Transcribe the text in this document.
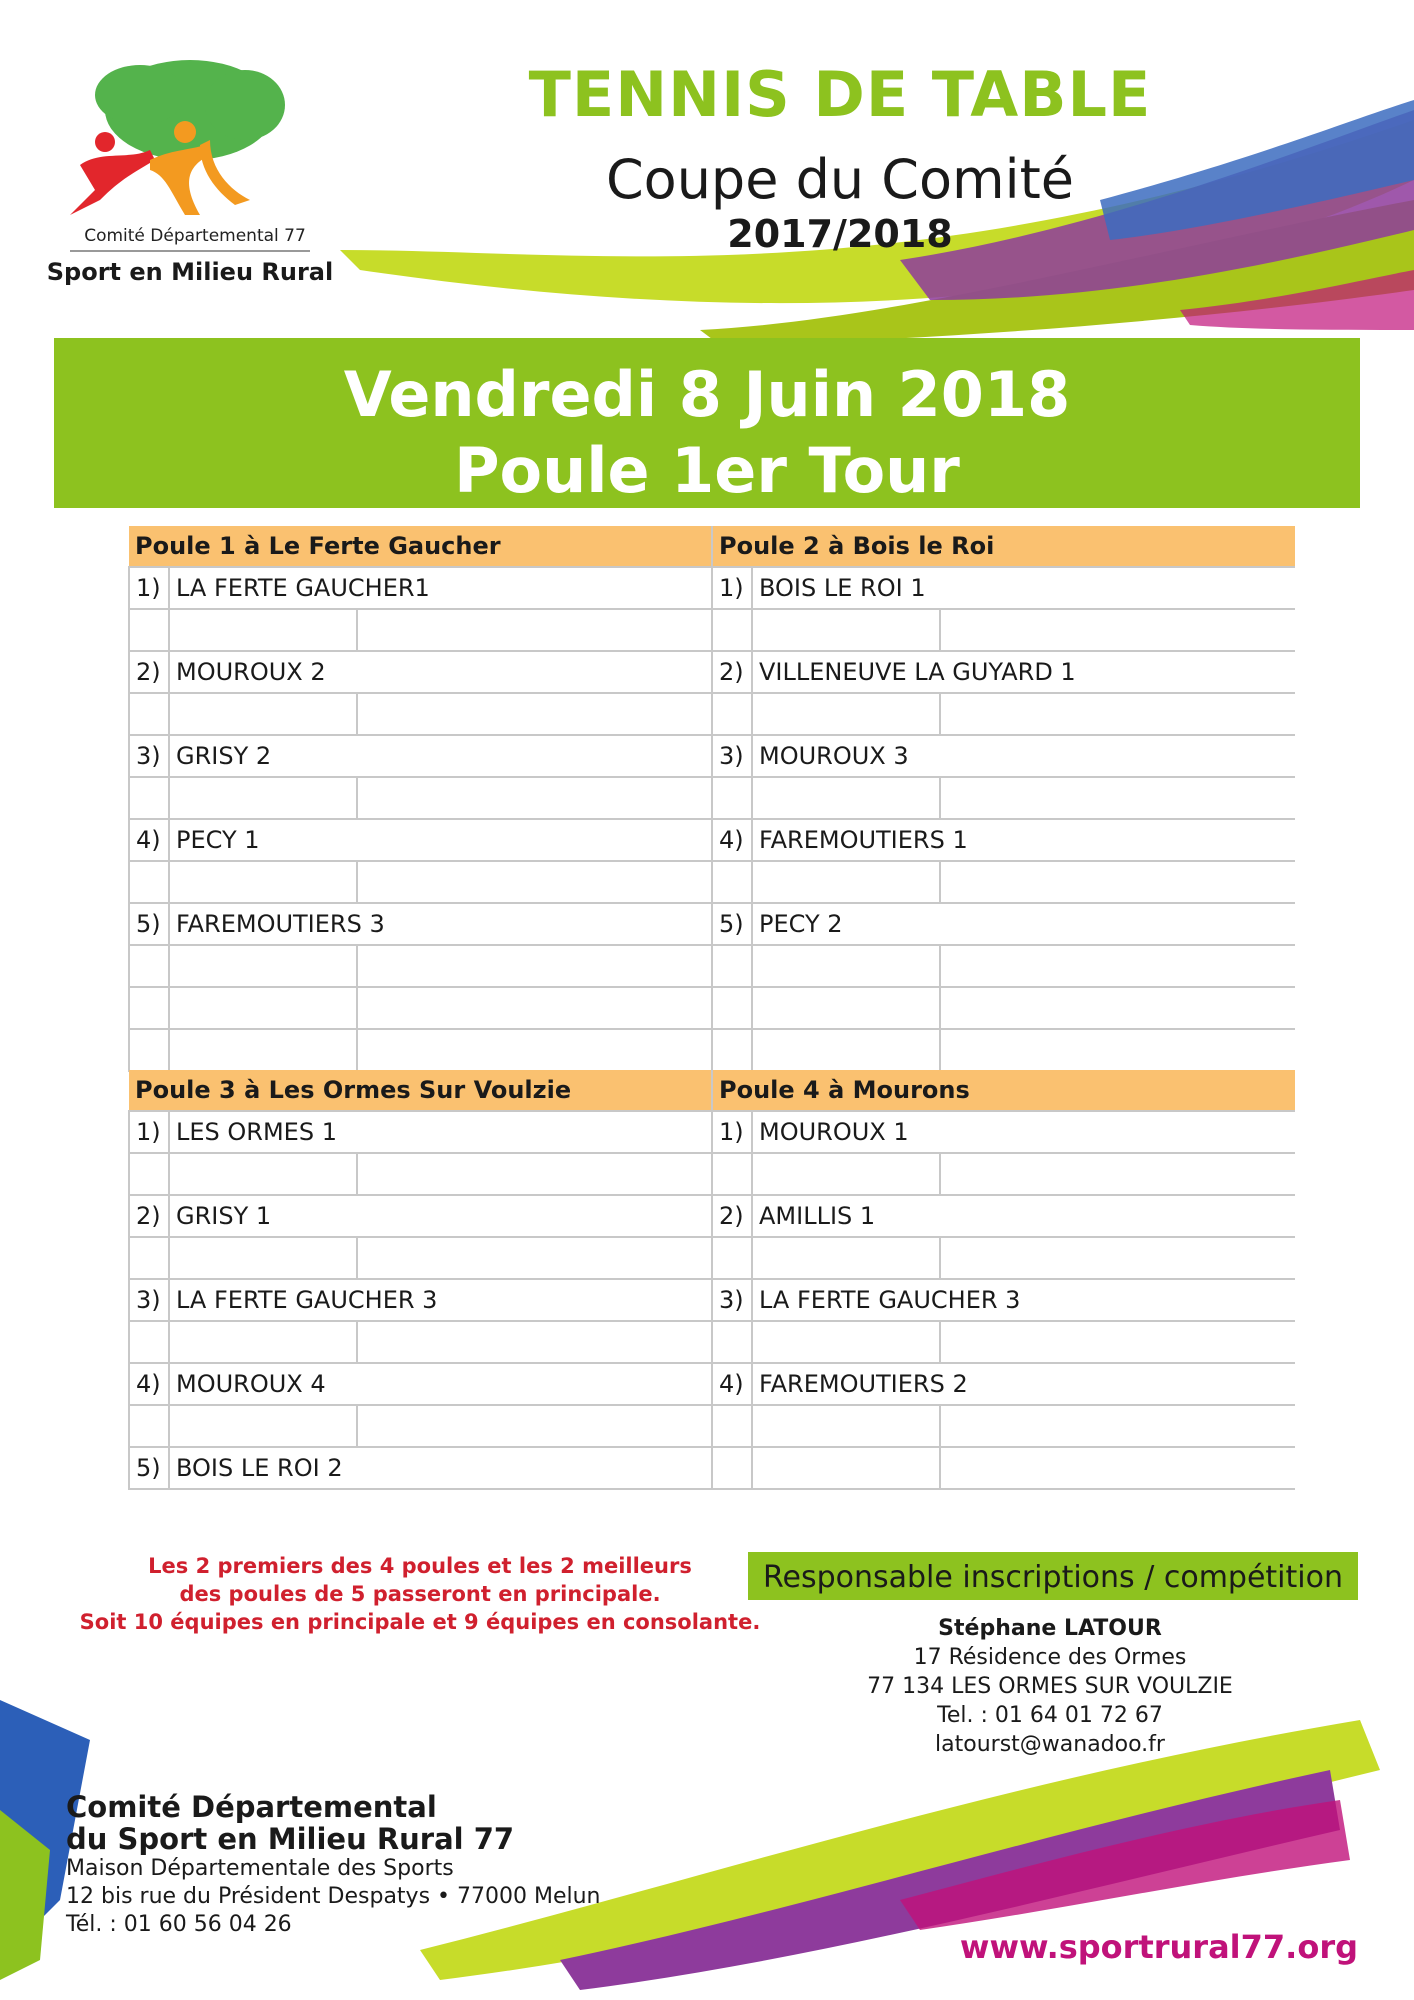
Comité Départemental 77
Sport en Milieu Rural
TENNIS DE TABLE
Coupe du Comité
2017/2018
Vendredi 8 Juin 2018
Poule 1er Tour
Poule 1 à Le Ferte Gaucher			Poule 2 à Bois le Roi		
1)	LA FERTE GAUCHER1		1)	BOIS LE ROI 1	

2)	MOUROUX 2		2)	VILLENEUVE LA GUYARD 1	

3)	GRISY 2		3)	MOUROUX 3	

4)	PECY 1		4)	FAREMOUTIERS 1	

5)	FAREMOUTIERS 3		5)	PECY 2	

Poule 3 à Les Ormes Sur Voulzie			Poule 4 à Mourons		
1)	LES ORMES 1		1)	MOUROUX 1	

2)	GRISY 1		2)	AMILLIS 1	

3)	LA FERTE GAUCHER 3		3)	LA FERTE GAUCHER 3	

4)	MOUROUX 4		4)	FAREMOUTIERS 2	

5)	BOIS LE ROI 2				
Les 2 premiers des 4 poules et les 2 meilleurs
des poules de 5 passeront en principale.
Soit 10 équipes en principale et 9 équipes en consolante.
Responsable inscriptions / compétition
Stéphane LATOUR
17 Résidence des Ormes
77 134 LES ORMES SUR VOULZIE
Tel. : 01 64 01 72 67
latourst@wanadoo.fr
Comité Départemental
du Sport en Milieu Rural 77
Maison Départementale des Sports
12 bis rue du Président Despatys • 77000 Melun
Tél. : 01 60 56 04 26
www.sportrural77.org
